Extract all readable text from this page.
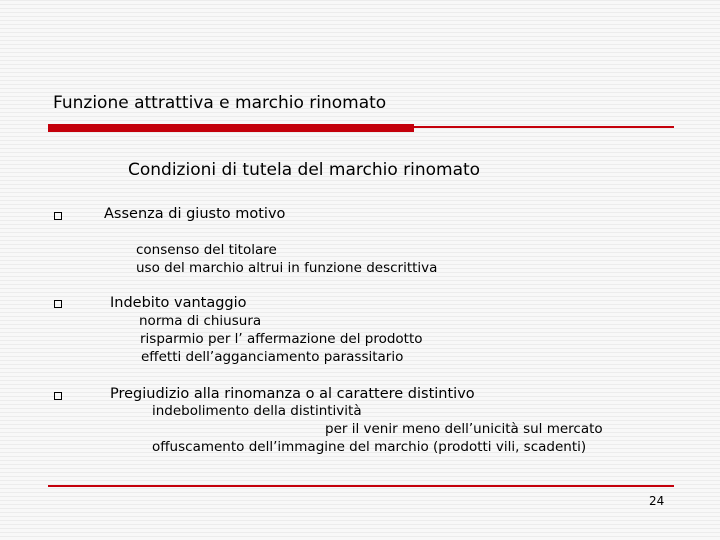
Funzione attrattiva e marchio rinomato
Condizioni di tutela del marchio rinomato
Assenza di giusto motivo
consenso del titolare
uso del marchio altrui in funzione descrittiva
Indebito vantaggio
norma di chiusura
risparmio per l’ affermazione del prodotto
effetti dell’agganciamento parassitario
Pregiudizio alla rinomanza o al carattere distintivo
indebolimento della distintività
per il venir meno dell’unicità sul mercato
offuscamento dell’immagine del marchio (prodotti vili, scadenti)
24
